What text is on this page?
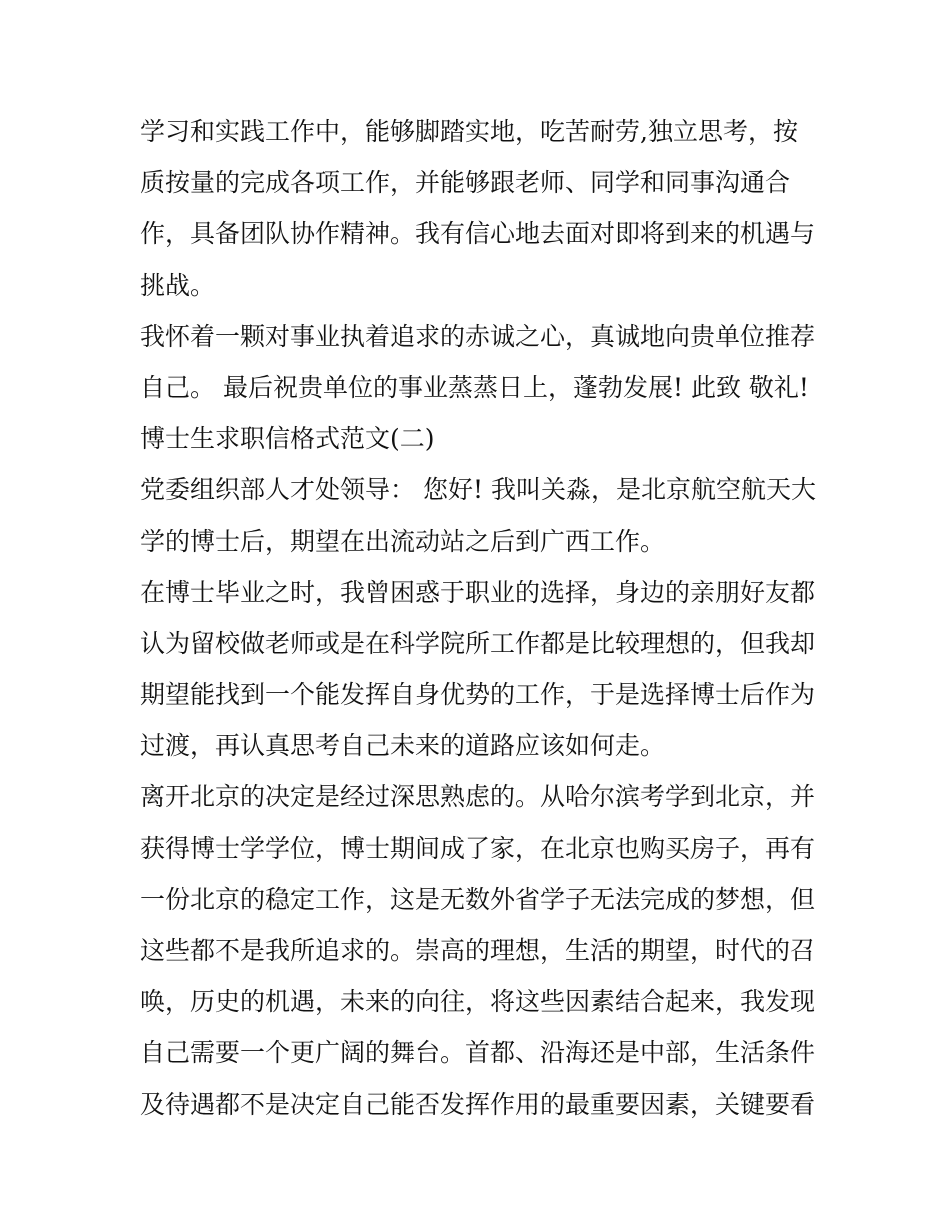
学习和实践工作中，能够脚踏实地，吃苦耐劳,独立思考，按
质按量的完成各项工作，并能够跟老师、同学和同事沟通合
作，具备团队协作精神。我有信心地去面对即将到来的机遇与
挑战。
我怀着一颗对事业执着追求的赤诚之心，真诚地向贵单位推荐
自己。 最后祝贵单位的事业蒸蒸日上，蓬勃发展! 此致 敬礼!
博士生求职信格式范文(二)
党委组织部人才处领导： 您好! 我叫关淼，是北京航空航天大
学的博士后，期望在出流动站之后到广西工作。
在博士毕业之时，我曾困惑于职业的选择，身边的亲朋好友都
认为留校做老师或是在科学院所工作都是比较理想的，但我却
期望能找到一个能发挥自身优势的工作，于是选择博士后作为
过渡，再认真思考自己未来的道路应该如何走。
离开北京的决定是经过深思熟虑的。从哈尔滨考学到北京，并
获得博士学学位，博士期间成了家，在北京也购买房子，再有
一份北京的稳定工作，这是无数外省学子无法完成的梦想，但
这些都不是我所追求的。崇高的理想，生活的期望，时代的召
唤，历史的机遇，未来的向往，将这些因素结合起来，我发现
自己需要一个更广阔的舞台。首都、沿海还是中部，生活条件
及待遇都不是决定自己能否发挥作用的最重要因素，关键要看
